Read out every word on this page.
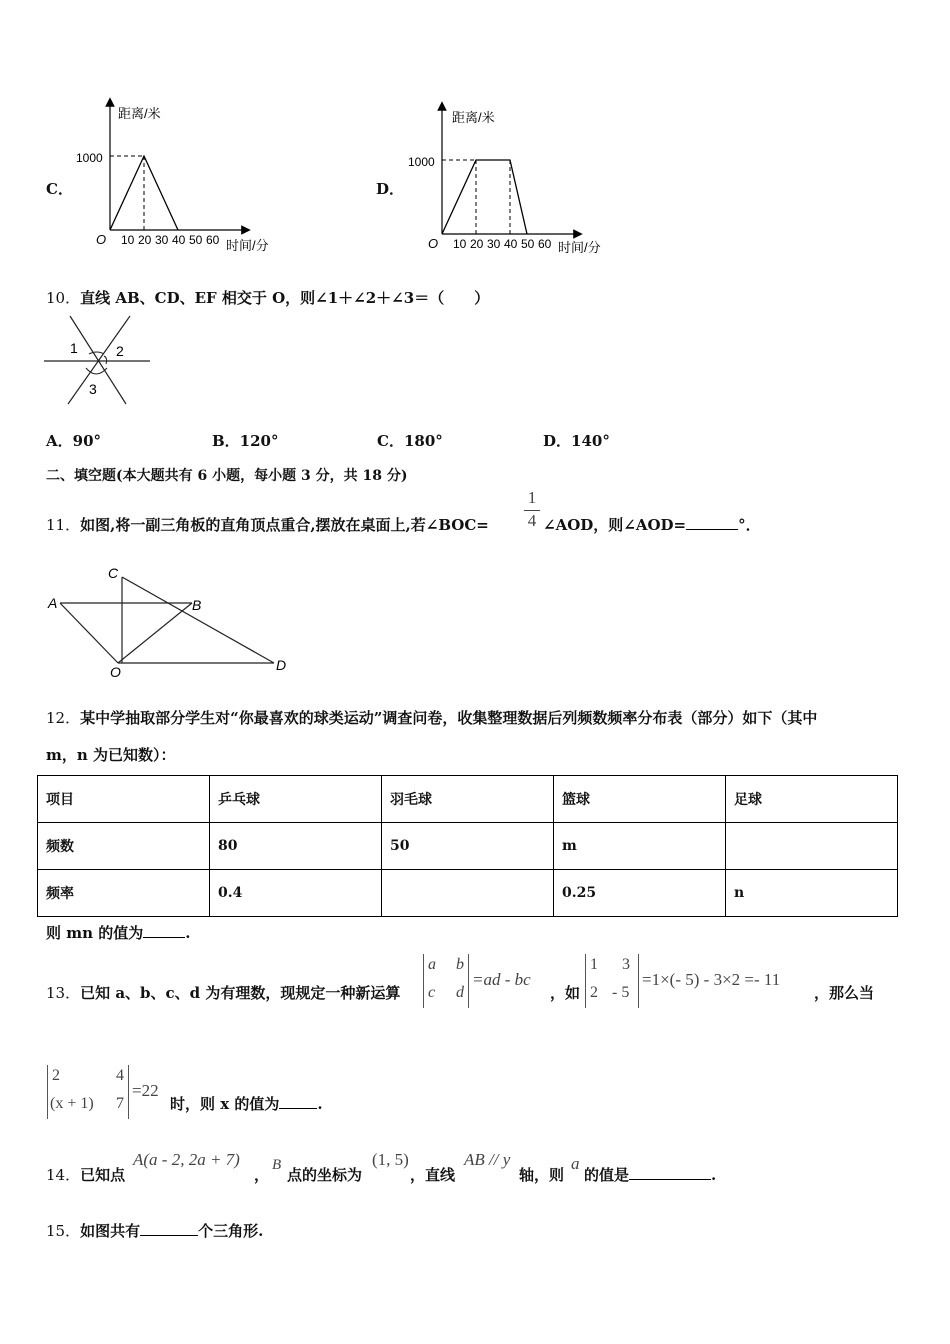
C．
距离/米
1000
O 10 20 30 40 50 60 时间/分
D．
距离/米
1000
O 10 20 30 40 50 60 时间/分
10．直线 AB、CD、EF 相交于 O，则∠1＋∠2＋∠3＝（　　）
1	2
3
A．90°	B．120°	C．180°	D．140°
二、填空题(本大题共有 6 小题，每小题 3 分，共 18 分)
11．如图,将一副三角板的直角顶点重合,摆放在桌面上,若∠BOC= $\frac{1}{4}$ ∠AOD，则∠AOD=	°．
A	B
C
O	D
12．某中学抽取部分学生对“你最喜欢的球类运动”调查问卷，收集整理数据后列频数频率分布表（部分）如下（其中
m，n 为已知数）：
项目	乒乓球	羽毛球	篮球	足球
频数	80	50	m	
频率	0.4		0.25	n
则 mn 的值为	.
13．已知 a、b、c、d 为有理数，现规定一种新运算
a b
c d
=ad - bc
，如
1 3
2 - 5
=1×(- 5) - 3×2 =- 11
，那么当
2	4
(x + 1) 7
=22
时，则 x 的值为	.
14．已知点
A(a - 2, 2a + 7)
，
B
点的坐标为
(1, 5)
，直线
AB // y
轴，则
a
的值是	.
15．如图共有	个三角形.
